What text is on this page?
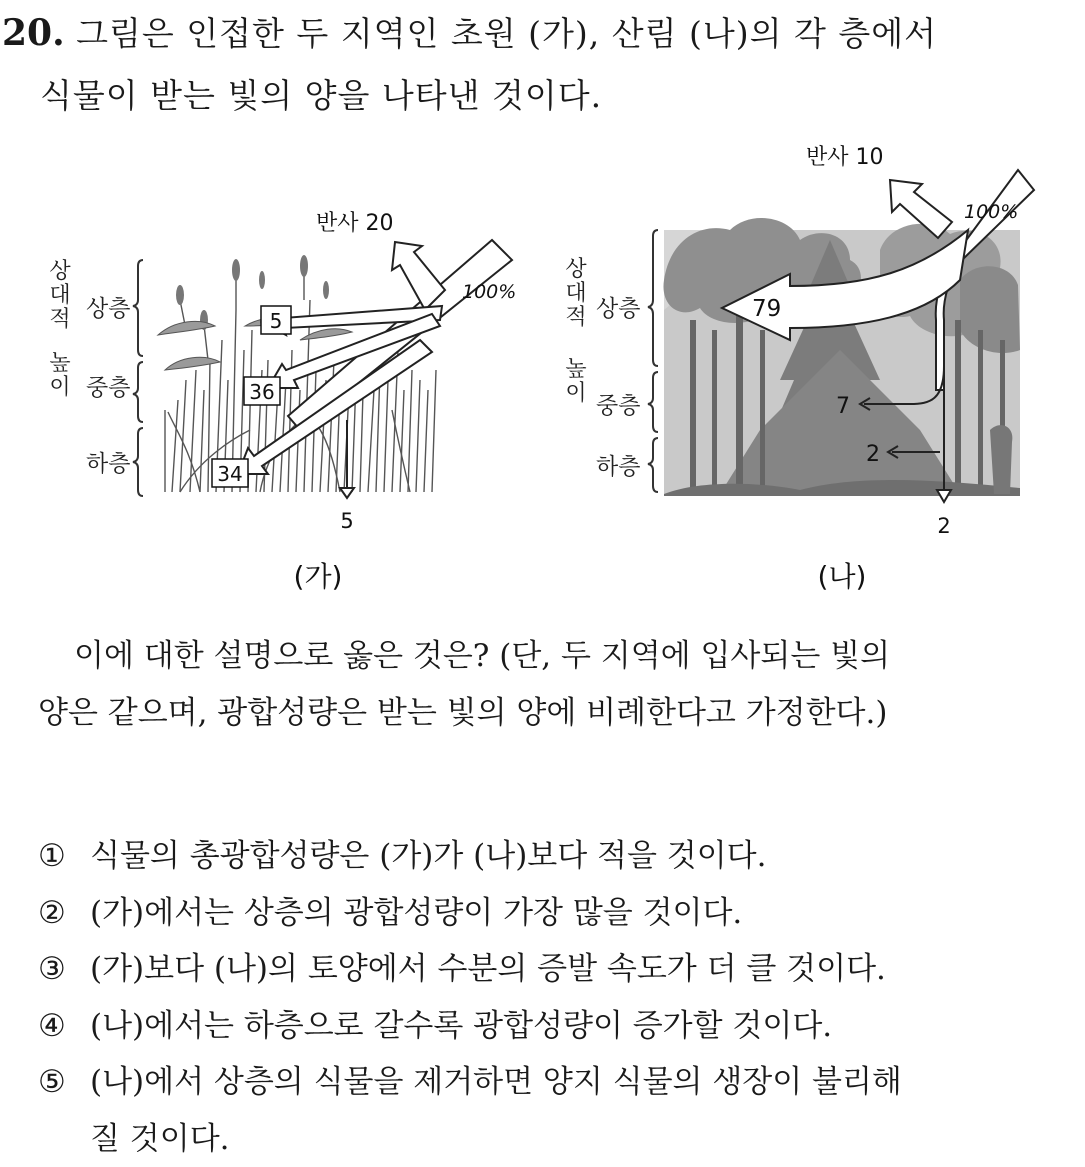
20. 그림은 인접한 두 지역인 초원 (가), 산림 (나)의 각 층에서
식물이 받는 빛의 양을 나타낸 것이다.
상
대
적
높
이
상층
중층
하층
반사 20
100%
5
36
34
5
(가)
상
대
적
높
이
상층
중층
하층
반사 10
100%
79
7
2
2
(나)
이에 대한 설명으로 옳은 것은? (단, 두 지역에 입사되는 빛의
양은 같으며, 광합성량은 받는 빛의 양에 비례한다고 가정한다.)
① 식물의 총광합성량은 (가)가 (나)보다 적을 것이다.
② (가)에서는 상층의 광합성량이 가장 많을 것이다.
③ (가)보다 (나)의 토양에서 수분의 증발 속도가 더 클 것이다.
④ (나)에서는 하층으로 갈수록 광합성량이 증가할 것이다.
⑤ (나)에서 상층의 식물을 제거하면 양지 식물의 생장이 불리해
질 것이다.
